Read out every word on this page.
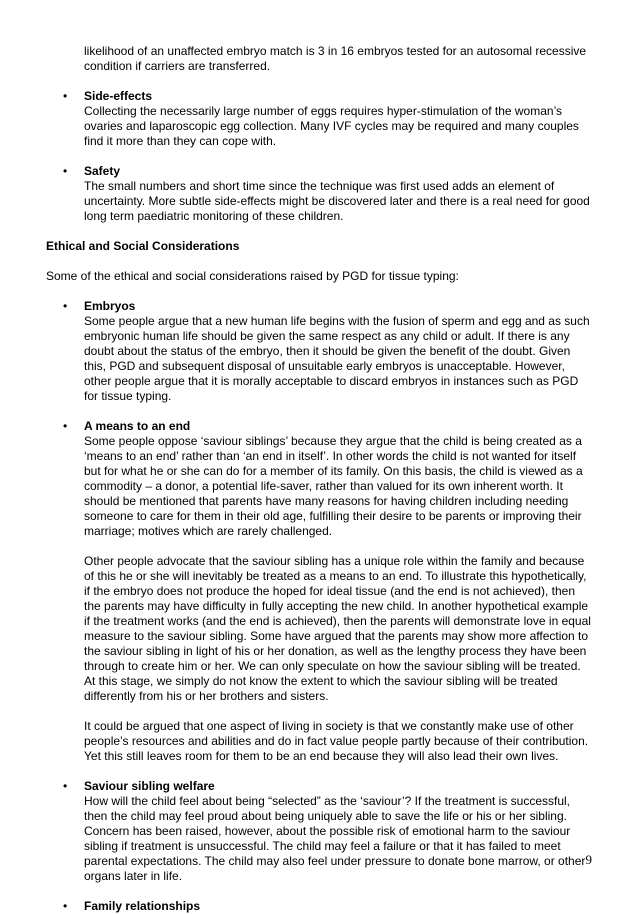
likelihood of an unaffected embryo match is 3 in 16 embryos tested for an autosomal recessive condition if carriers are transferred.

• Side-effects

Collecting the necessarily large number of eggs requires hyper-stimulation of the woman’s ovaries and laparoscopic egg collection. Many IVF cycles may be required and many couples find it more than they can cope with.

• Safety

The small numbers and short time since the technique was first used adds an element of uncertainty. More subtle side-effects might be discovered later and there is a real need for good long term paediatric monitoring of these children.

Ethical and Social Considerations

Some of the ethical and social considerations raised by PGD for tissue typing:

• Embryos

Some people argue that a new human life begins with the fusion of sperm and egg and as such embryonic human life should be given the same respect as any child or adult. If there is any doubt about the status of the embryo, then it should be given the benefit of the doubt. Given this, PGD and subsequent disposal of unsuitable early embryos is unacceptable. However, other people argue that it is morally acceptable to discard embryos in instances such as PGD for tissue typing.

• A means to an end

Some people oppose ‘saviour siblings’ because they argue that the child is being created as a ‘means to an end’ rather than ‘an end in itself’. In other words the child is not wanted for itself but for what he or she can do for a member of its family. On this basis, the child is viewed as a commodity – a donor, a potential life-saver, rather than valued for its own inherent worth. It should be mentioned that parents have many reasons for having children including needing someone to care for them in their old age, fulfilling their desire to be parents or improving their marriage; motives which are rarely challenged.

Other people advocate that the saviour sibling has a unique role within the family and because of this he or she will inevitably be treated as a means to an end. To illustrate this hypothetically, if the embryo does not produce the hoped for ideal tissue (and the end is not achieved), then the parents may have difficulty in fully accepting the new child. In another hypothetical example if the treatment works (and the end is achieved), then the parents will demonstrate love in equal measure to the saviour sibling. Some have argued that the parents may show more affection to the saviour sibling in light of his or her donation, as well as the lengthy process they have been through to create him or her. We can only speculate on how the saviour sibling will be treated. At this stage, we simply do not know the extent to which the saviour sibling will be treated differently from his or her brothers and sisters.

It could be argued that one aspect of living in society is that we constantly make use of other people’s resources and abilities and do in fact value people partly because of their contribution. Yet this still leaves room for them to be an end because they will also lead their own lives.

• Saviour sibling welfare

How will the child feel about being “selected” as the ‘saviour’? If the treatment is successful, then the child may feel proud about being uniquely able to save the life or his or her sibling. Concern has been raised, however, about the possible risk of emotional harm to the saviour sibling if treatment is unsuccessful. The child may feel a failure or that it has failed to meet parental expectations. The child may also feel under pressure to donate bone marrow, or other organs later in life.

• Family relationships

9
